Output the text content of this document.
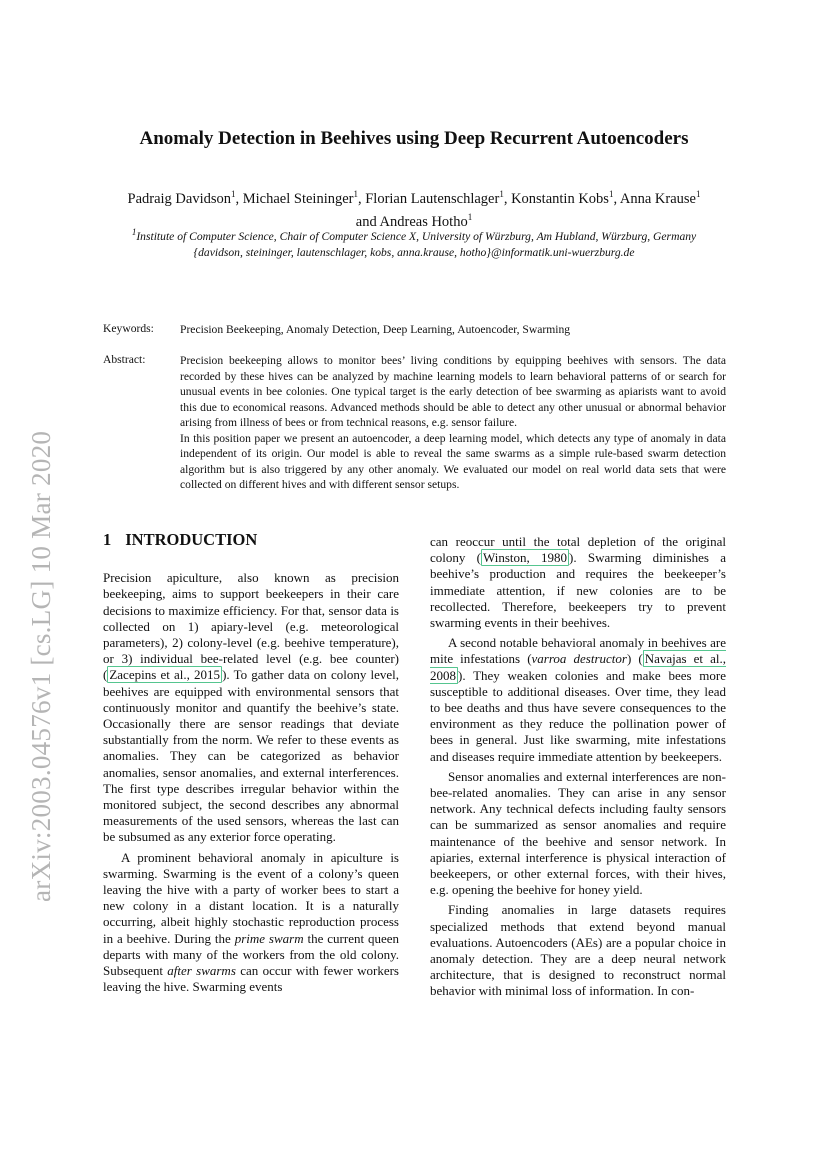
arXiv:2003.04576v1 [cs.LG] 10 Mar 2020
Anomaly Detection in Beehives using Deep Recurrent Autoencoders
Padraig Davidson$^1$, Michael Steininger$^1$, Florian Lautenschlager$^1$, Konstantin Kobs$^1$, Anna Krause$^1$
and Andreas Hotho$^1$
$^1$Institute of Computer Science, Chair of Computer Science X, University of Würzburg, Am Hubland, Würzburg, Germany
{davidson, steininger, lautenschlager, kobs, anna.krause, hotho}@informatik.uni-wuerzburg.de
Keywords: Precision Beekeeping, Anomaly Detection, Deep Learning, Autoencoder, Swarming
Abstract:	Precision beekeeping allows to monitor bees’ living conditions by equipping beehives with sensors. The data recorded by these hives can be analyzed by machine learning models to learn behavioral patterns of or search for unusual events in bee colonies. One typical target is the early detection of bee swarming as apiarists want to avoid this due to economical reasons. Advanced methods should be able to detect any other unusual or abnormal behavior arising from illness of bees or from technical reasons, e.g. sensor failure.

In this position paper we present an autoencoder, a deep learning model, which detects any type of anomaly in data independent of its origin. Our model is able to reveal the same swarms as a simple rule-based swarm detection algorithm but is also triggered by any other anomaly. We evaluated our model on real world data sets that were collected on different hives and with different sensor setups.

1 INTRODUCTION

Precision apiculture, also known as precision beekeeping, aims to support beekeepers in their care decisions to maximize efficiency. For that, sensor data is collected on 1) apiary-level (e.g. meteorological parameters), 2) colony-level (e.g. beehive temperature), or 3) individual bee-related level (e.g. bee counter) ( Zacepins et al., 2015 ). To gather data on colony level, beehives are equipped with environmental sensors that continuously monitor and quantify the beehive’s state. Occasionally there are sensor readings that deviate substantially from the norm. We refer to these events as anomalies. They can be categorized as behavior anomalies, sensor anomalies, and external interferences. The first type describes irregular behavior within the monitored subject, the second describes any abnormal measurements of the used sensors, whereas the last can be subsumed as any exterior force operating.

A prominent behavioral anomaly in apiculture is swarming. Swarming is the event of a colony’s queen leaving the hive with a party of worker bees to start a new colony in a distant location. It is a naturally occurring, albeit highly stochastic reproduction process in a beehive. During the prime swarm the current queen departs with many of the workers from the old colony. Subsequent after swarms can occur with fewer workers leaving the hive. Swarming events

can reoccur until the total depletion of the original colony ( Winston, 1980 ). Swarming diminishes a beehive’s production and requires the beekeeper’s immediate attention, if new colonies are to be recollected. Therefore, beekeepers try to prevent swarming events in their beehives.

A second notable behavioral anomaly in beehives are mite infestations (varroa destructor) ( Navajas et al., 2008 ). They weaken colonies and make bees more susceptible to additional diseases. Over time, they lead to bee deaths and thus have severe consequences to the environment as they reduce the pollination power of bees in general. Just like swarming, mite infestations and diseases require immediate attention by beekeepers.

Sensor anomalies and external interferences are non-bee-related anomalies. They can arise in any sensor network. Any technical defects including faulty sensors can be summarized as sensor anomalies and require maintenance of the beehive and sensor network. In apiaries, external interference is physical interaction of beekeepers, or other external forces, with their hives, e.g. opening the beehive for honey yield.

Finding anomalies in large datasets requires specialized methods that extend beyond manual evaluations. Autoencoders (AEs) are a popular choice in anomaly detection. They are a deep neural network architecture, that is designed to reconstruct normal behavior with minimal loss of information. In con-
